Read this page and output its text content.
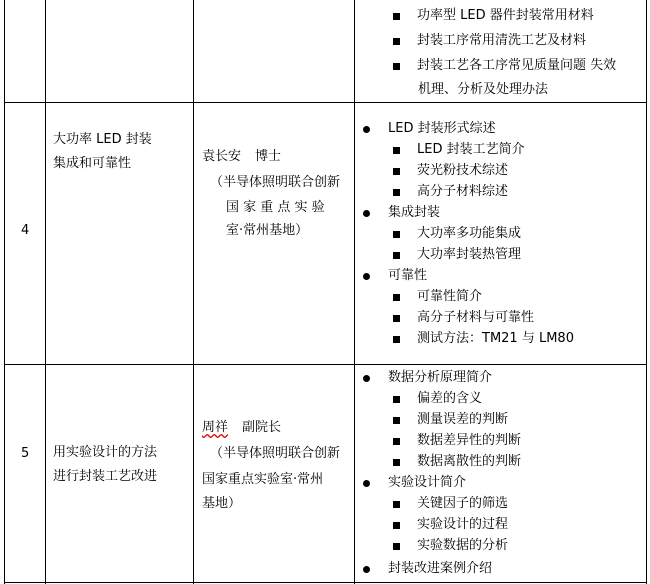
功率型 LED 器件封装常用材料
封装工序常用清洗工艺及材料
封装工艺各工序常见质量问题 失效
机理、分析及处理办法
4
大功率 LED 封装
集成和可靠性	袁长安 博士
（半导体照明联合创新
国 家 重 点 实 验
室·常州基地）
LED 封装形式综述
LED 封装工艺简介
荧光粉技术综述
高分子材料综述
集成封装
大功率多功能集成
大功率封装热管理
可靠性
可靠性简介
高分子材料与可靠性
测试方法：TM21 与 LM80
5 用实验设计的方法
进行封装工艺改进
周祥 副院长
（半导体照明联合创新
国家重点实验室·常州
基地）
数据分析原理简介
偏差的含义
测量误差的判断
数据差异性的判断
数据离散性的判断
实验设计简介
关键因子的筛选
实验设计的过程
实验数据的分析
封装改进案例介绍
